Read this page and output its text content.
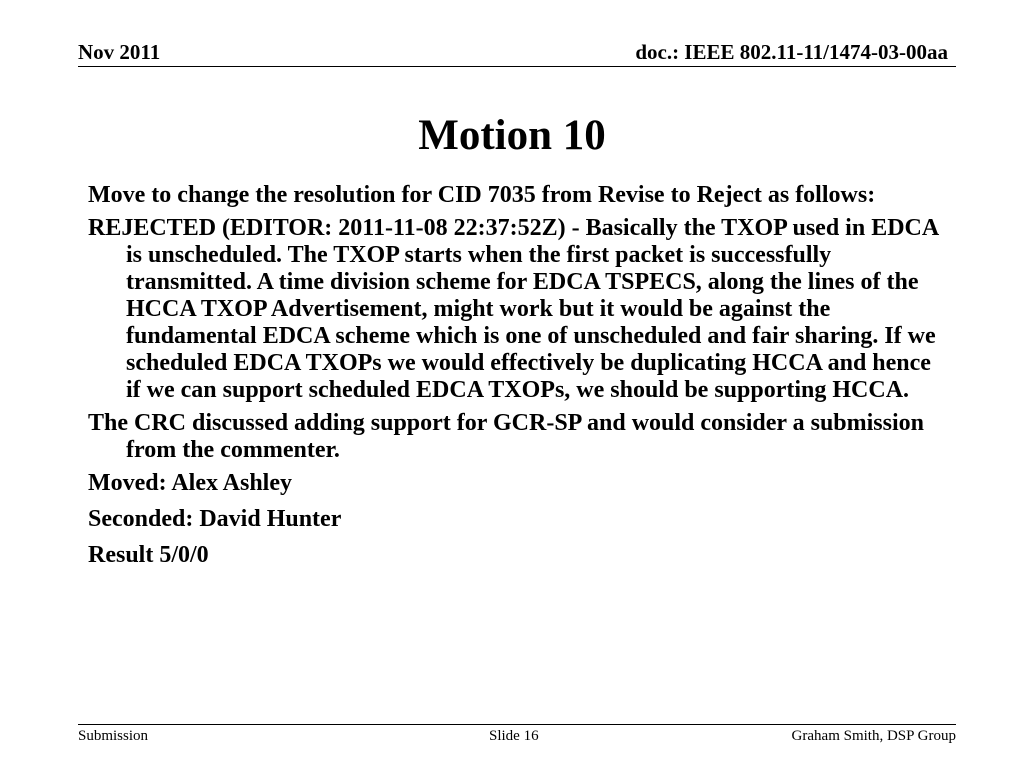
Nov 2011	doc.: IEEE 802.11-11/1474-03-00aa
Motion 10

Move to change the resolution for CID 7035 from Revise to Reject as follows:

REJECTED (EDITOR: 2011-11-08 22:37:52Z) - Basically the TXOP used in EDCA is unscheduled. The TXOP starts when the first packet is successfully transmitted. A time division scheme for EDCA TSPECS, along the lines of the HCCA TXOP Advertisement, might work but it would be against the fundamental EDCA scheme which is one of unscheduled and fair sharing. If we scheduled EDCA TXOPs we would effectively be duplicating HCCA and hence if we can support scheduled EDCA TXOPs, we should be supporting HCCA.

The CRC discussed adding support for GCR-SP and would consider a submission from the commenter.

Moved: Alex Ashley

Seconded: David Hunter

Result 5/0/0

Submission	Slide 16	Graham Smith, DSP Group
